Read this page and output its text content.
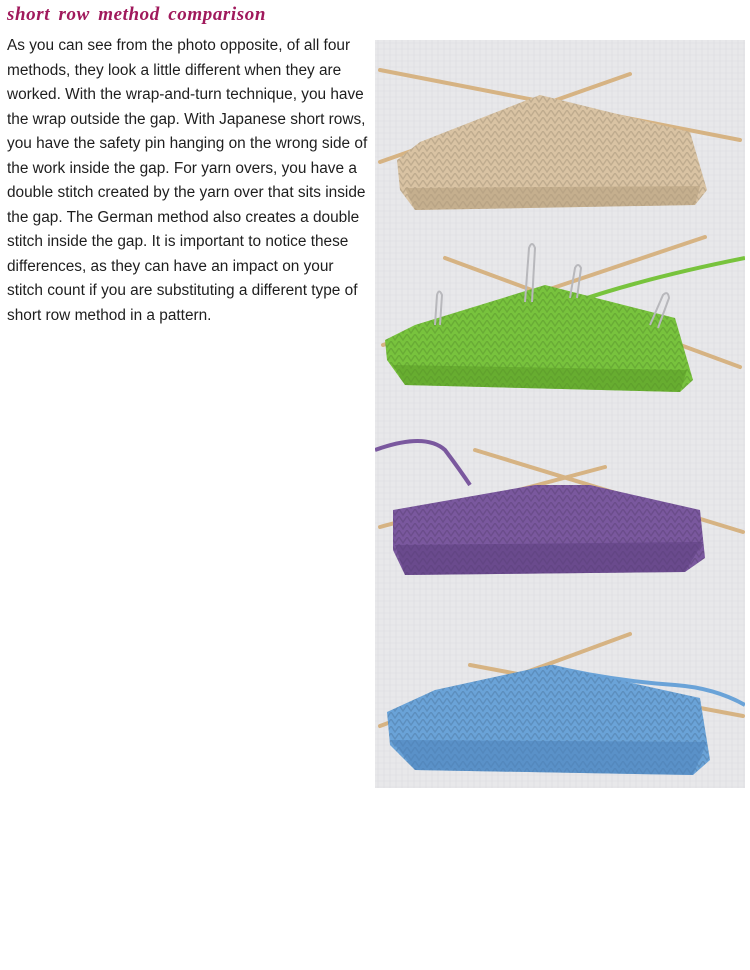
short row method comparison

As you can see from the photo opposite, of all four methods, they look a little different when they are worked. With the wrap-and-turn technique, you have the wrap outside the gap. With Japanese short rows, you have the safety pin hanging on the wrong side of the work inside the gap. For yarn overs, you have a double stitch created by the yarn over that sits inside the gap. The German method also creates a double stitch inside the gap. It is important to notice these differences, as they can have an impact on your stitch count if you are substituting a different type of short row method in a pattern.
